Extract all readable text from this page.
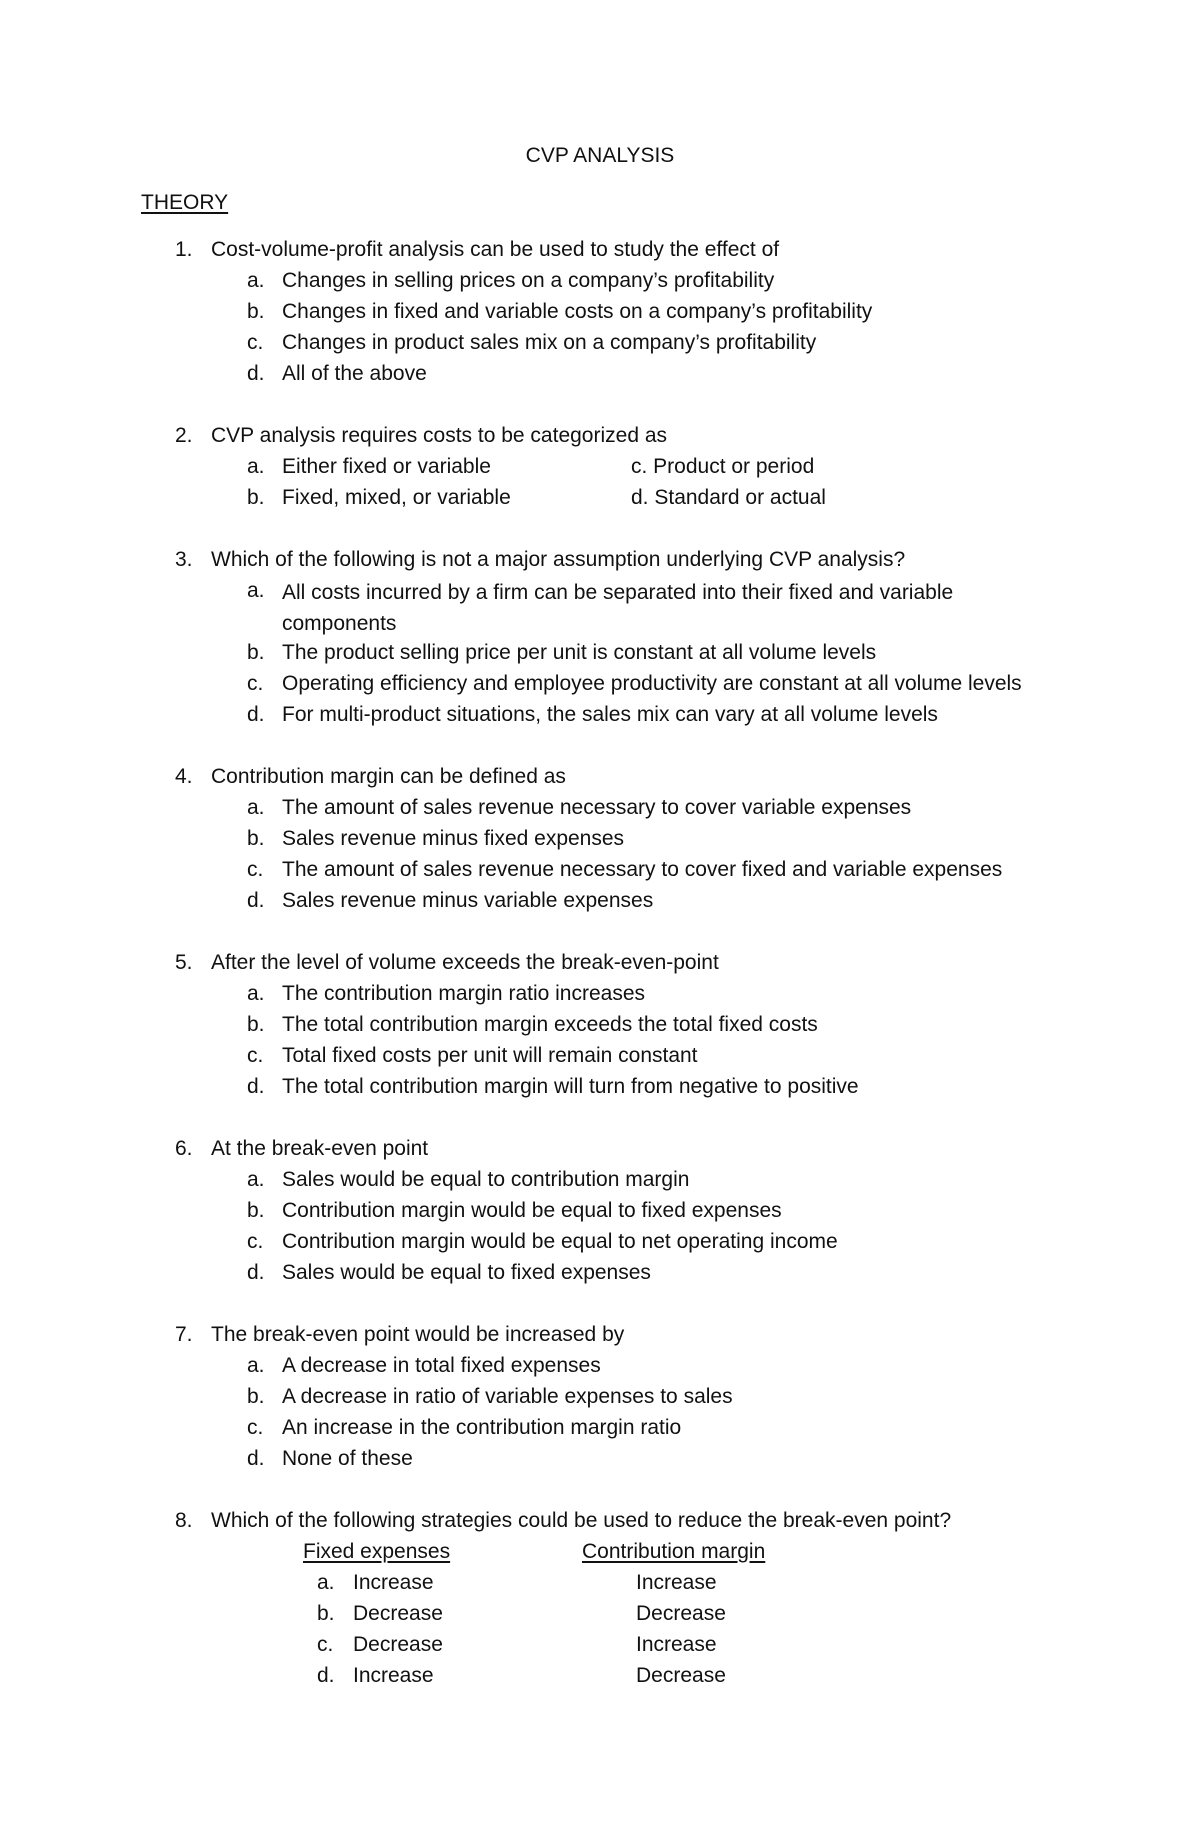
CVP ANALYSIS
THEORY
1. Cost-volume-profit analysis can be used to study the effect of
a. Changes in selling prices on a company’s profitability
b. Changes in fixed and variable costs on a company’s profitability
c. Changes in product sales mix on a company’s profitability
d. All of the above
2. CVP analysis requires costs to be categorized as
a. Either fixed or variable	c. Product or period
b. Fixed, mixed, or variable	d. Standard or actual
3. Which of the following is not a major assumption underlying CVP analysis?
a. All costs incurred by a firm can be separated into their fixed and variable components
b. The product selling price per unit is constant at all volume levels
c. Operating efficiency and employee productivity are constant at all volume levels
d. For multi-product situations, the sales mix can vary at all volume levels
4. Contribution margin can be defined as
a. The amount of sales revenue necessary to cover variable expenses
b. Sales revenue minus fixed expenses
c. The amount of sales revenue necessary to cover fixed and variable expenses
d. Sales revenue minus variable expenses
5. After the level of volume exceeds the break-even-point
a. The contribution margin ratio increases
b. The total contribution margin exceeds the total fixed costs
c. Total fixed costs per unit will remain constant
d. The total contribution margin will turn from negative to positive
6. At the break-even point
a. Sales would be equal to contribution margin
b. Contribution margin would be equal to fixed expenses
c. Contribution margin would be equal to net operating income
d. Sales would be equal to fixed expenses
7. The break-even point would be increased by
a. A decrease in total fixed expenses
b. A decrease in ratio of variable expenses to sales
c. An increase in the contribution margin ratio
d. None of these
8. Which of the following strategies could be used to reduce the break-even point?
Fixed expenses	Contribution margin
a. Increase	Increase
b. Decrease	Decrease
c. Decrease	Increase
d. Increase	Decrease
